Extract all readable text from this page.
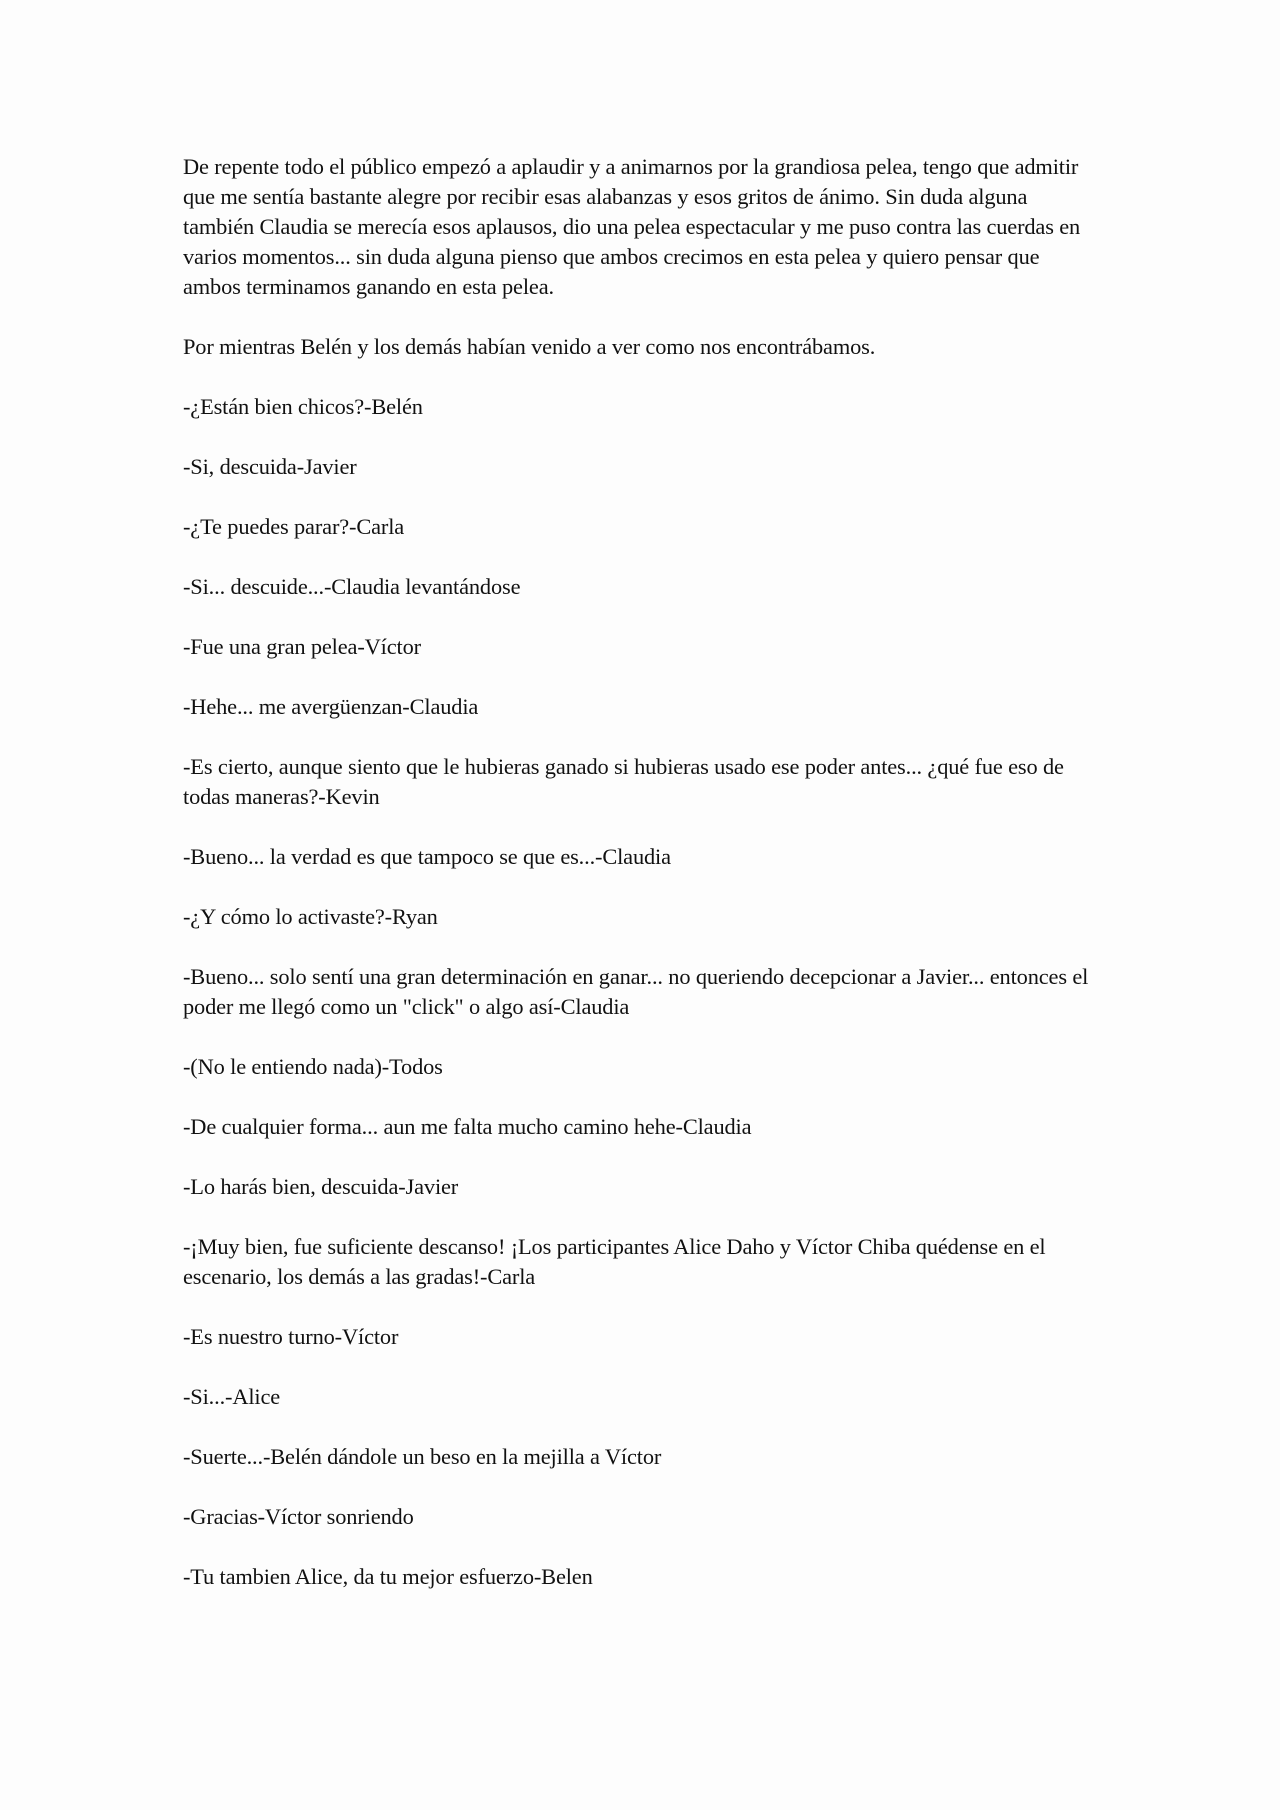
De repente todo el público empezó a aplaudir y a animarnos por la grandiosa pelea, tengo que admitir que me sentía bastante alegre por recibir esas alabanzas y esos gritos de ánimo. Sin duda alguna también Claudia se merecía esos aplausos, dio una pelea espectacular y me puso contra las cuerdas en varios momentos... sin duda alguna pienso que ambos crecimos en esta pelea y quiero pensar que ambos terminamos ganando en esta pelea.

Por mientras Belén y los demás habían venido a ver como nos encontrábamos.

-¿Están bien chicos?-Belén

-Si, descuida-Javier

-¿Te puedes parar?-Carla

-Si... descuide...-Claudia levantándose

-Fue una gran pelea-Víctor

-Hehe... me avergüenzan-Claudia

-Es cierto, aunque siento que le hubieras ganado si hubieras usado ese poder antes... ¿qué fue eso de todas maneras?-Kevin

-Bueno... la verdad es que tampoco se que es...-Claudia

-¿Y cómo lo activaste?-Ryan

-Bueno... solo sentí una gran determinación en ganar... no queriendo decepcionar a Javier... entonces el poder me llegó como un "click" o algo así-Claudia

-(No le entiendo nada)-Todos

-De cualquier forma... aun me falta mucho camino hehe-Claudia

-Lo harás bien, descuida-Javier

-¡Muy bien, fue suficiente descanso! ¡Los participantes Alice Daho y Víctor Chiba quédense en el escenario, los demás a las gradas!-Carla

-Es nuestro turno-Víctor

-Si...-Alice

-Suerte...-Belén dándole un beso en la mejilla a Víctor

-Gracias-Víctor sonriendo

-Tu tambien Alice, da tu mejor esfuerzo-Belen
